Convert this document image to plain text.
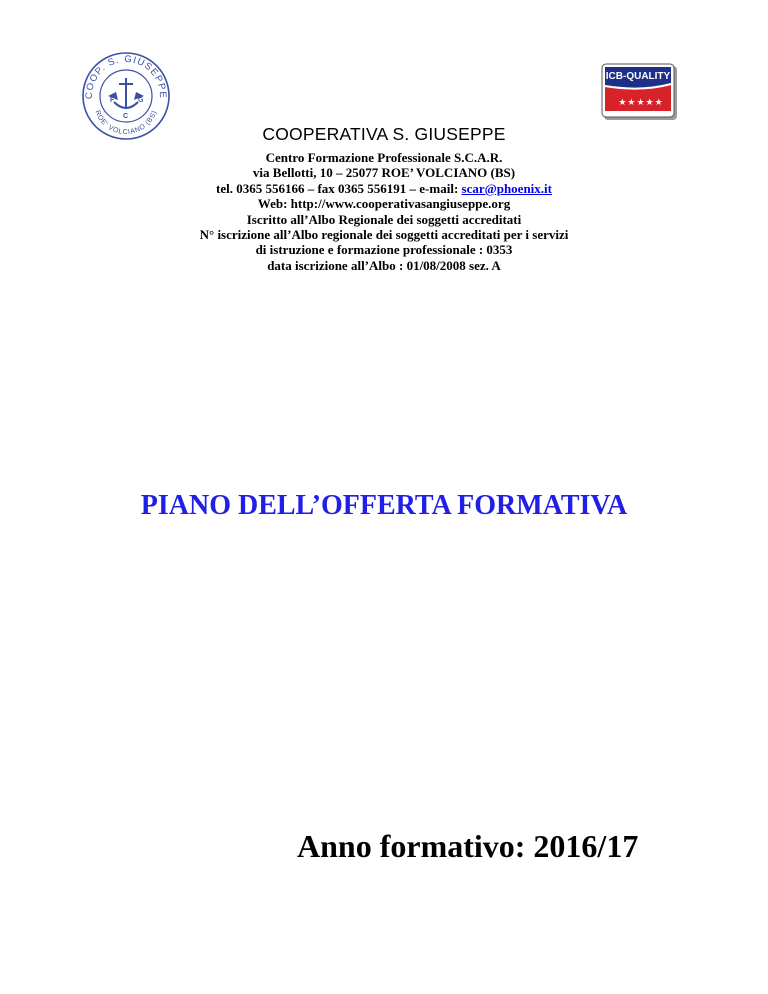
COOP. S. GIUSEPPE
ROE' VOLCIANO (BS)
F	G
C
ICB-QUALITY
★★★★★
COOPERATIVA S. GIUSEPPE
Centro Formazione Professionale S.C.A.R.
via Bellotti, 10 – 25077 ROE’ VOLCIANO (BS)
tel. 0365 556166 – fax 0365 556191 – e-mail: scar@phoenix.it
Web: http://www.cooperativasangiuseppe.org
Iscritto all’Albo Regionale dei soggetti accreditati
N° iscrizione all’Albo regionale dei soggetti accreditati per i servizi
di istruzione e formazione professionale : 0353
data iscrizione all’Albo : 01/08/2008 sez. A
PIANO DELL’OFFERTA FORMATIVA
Anno formativo: 2016/17
